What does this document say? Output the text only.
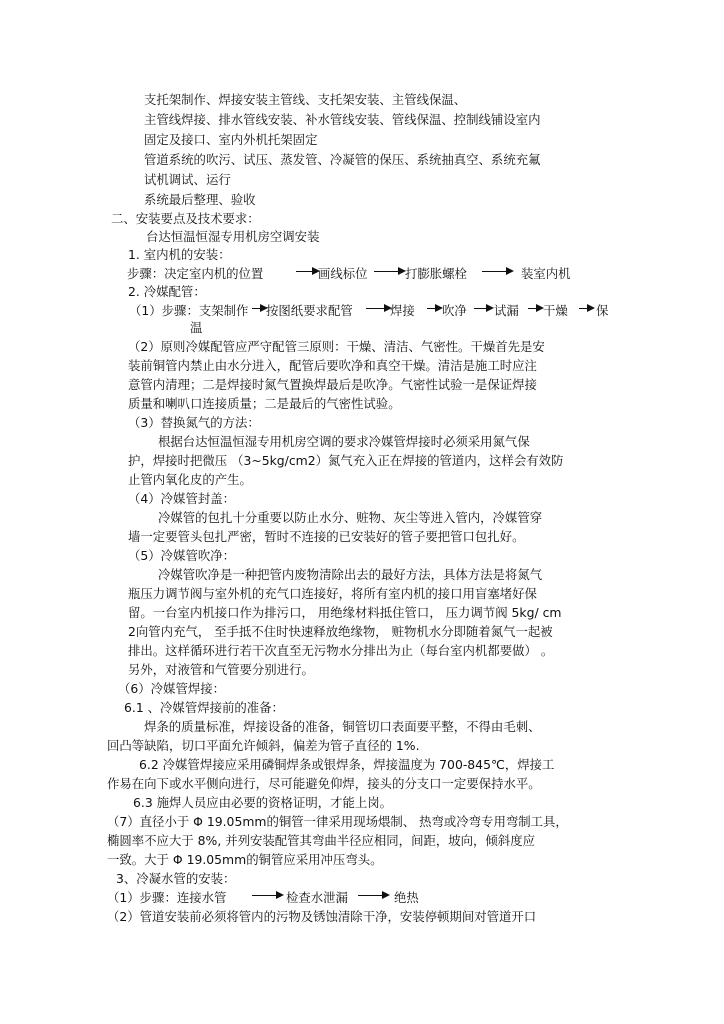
支托架制作、焊接安装主管线、支托架安装、主管线保温、
主管线焊接、排水管线安装、补水管线安装、管线保温、控制线铺设室内
固定及接口、室内外机托架固定
管道系统的吹污、试压、蒸发管、冷凝管的保压、系统抽真空、系统充氟
试机调试、运行
系统最后整理、验收
二、安装要点及技术要求：
台达恒温恒湿专用机房空调安装
1. 室内机的安装：
步骤：决定室内机的位置	画线标位	打膨胀螺栓	装室内机
2. 冷媒配管：
（1）步骤：支架制作 按图纸要求配管	焊接 吹净 试漏 干燥 保
温
（2）原则冷媒配管应严守配管三原则：干燥、清洁、气密性。干燥首先是安
装前铜管内禁止由水分进入，配管后要吹净和真空干燥。清洁是施工时应注
意管内清理；二是焊接时氮气置换焊最后是吹净。气密性试验一是保证焊接
质量和喇叭口连接质量；二是最后的气密性试验。
（3）替换氮气的方法：
根据台达恒温恒湿专用机房空调的要求冷媒管焊接时必须采用氮气保
护，焊接时把微压 （3~5kg/cm2）氮气充入正在焊接的管道内，这样会有效防
止管内氧化皮的产生。
（4）冷媒管封盖：
冷媒管的包扎十分重要以防止水分、赃物、灰尘等进入管内，冷媒管穿
墙一定要管头包扎严密，暂时不连接的已安装好的管子要把管口包扎好。
（5）冷媒管吹净：
冷媒管吹净是一种把管内废物清除出去的最好方法，具体方法是将氮气
瓶压力调节阀与室外机的充气口连接好，将所有室内机的接口用盲塞堵好保
留。一台室内机接口作为排污口， 用绝缘材料抵住管口， 压力调节阀 5kg/ cm
2向管内充气， 至手抵不住时快速释放绝缘物， 赃物机水分即随着氮气一起被
排出。这样循环进行若干次直至无污物水分排出为止（每台室内机都要做） 。
另外，对液管和气管要分别进行。
（6）冷媒管焊接：
6.1 、冷媒管焊接前的准备：
焊条的质量标准，焊接设备的准备，铜管切口表面要平整，不得由毛刺、
回凸等缺陷，切口平面允许倾斜，偏差为管子直径的 1%.
6.2 冷媒管焊接应采用磷铜焊条或银焊条，焊接温度为 700-845℃，焊接工
作易在向下或水平侧向进行，尽可能避免仰焊，接头的分支口一定要保持水平。
6.3 施焊人员应由必要的资格证明，才能上岗。
（7）直径小于 Φ 19.05mm的铜管一律采用现场煨制、 热弯或冷弯专用弯制工具，
椭圆率不应大于 8%, 并列安装配管其弯曲半径应相同，间距，坡向，倾斜度应
一致。大于 Φ 19.05mm的铜管应采用冲压弯头。
3、冷凝水管的安装：
（1）步骤：连接水管	检查水泄漏	绝热
（2）管道安装前必须将管内的污物及锈蚀清除干净，安装停顿期间对管道开口
